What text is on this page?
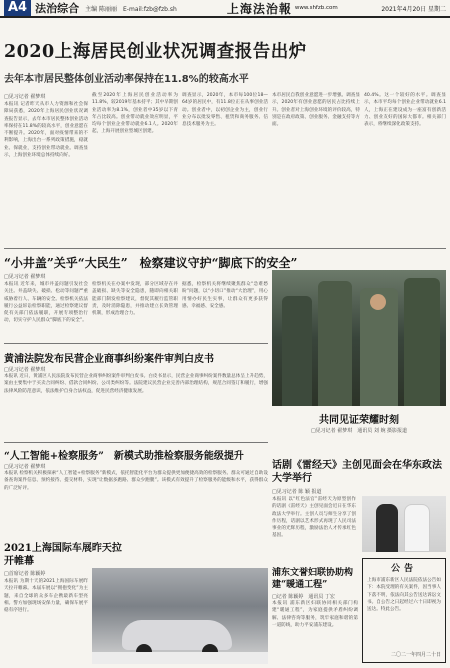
A4 法治综合 主编 陈丽丽　E-mail:fzb@fzb.sh	上海法治報 www.shfzb.com	2021年4月20日 星期二
2020上海居民创业状况调查报告出炉
去年本市居民整体创业活动率保持在11.8%的较高水平
□见习记者 翟梦琪
本报讯 记者昨天从市人力资源和社会保障局获悉，2020年上海居民创业状况调查报告显示，去年本市居民整体创业活动率保持在11.8%的较高水平，创业意愿在不断提升。2020年，面对疫情带来的不利影响，上海出台一系列政策措施，稳就业、保就业，支持创业带动就业。调查显示，上海创业环境总体持续向好。
截至2020年上海居民创业活动率为11.8%，较2019年基本持平；其中早期创业活动率为8.1%，创业者中35岁以下青年占比较高。创业带动就业效应明显，平均每个创业企业带动就业6.1人。2020年起，上海开展创业型城区创建。
调查显示，2020年，本市每100位18—64岁的居民中，有11.8位正在从事创业活动。创业者中，以初创企业为主，创业行业分布以批发零售、租赁和商务服务、信息技术服务为主。
本市居民自我创业意愿进一步增强。调查显示，2020年有创业意愿的居民占比持续上升。创业者对上海创业环境的评价较高，特别是在政府政策、创业服务、金融支持等方面。
40.4%。这一个较好的水平。调查显示，本市平均每个创业企业带动就业6.1人，上海正在建设成为一座富有创新活力、创业友好的国际大都市。相关部门表示，将继续深化政策支持。
“小井盖”关乎“大民生”　检察建议守护“脚底下的安全”
□见习记者 翟梦琪
本报讯 近年来，城市井盖问题引发社会关注。井盖缺失、破损、松动等问题严重威胁着行人、车辆的安全。检察机关依法履行公益诉讼检察职能，通过检察建议督促有关部门依法履职，开展专项整治行动，切实守护人民群众“脚底下的安全”。
检察机关在办案中发现，部分区域存在井盖破损、缺失等安全隐患，随即向相关职能部门制发检察建议，督促其履行监管职责，及时消除隐患，并推动建立长效管理机制，形成治理合力。
据悉，检察机关将继续聚焦群众“急难愁盼”问题，以“小切口”推动“大治理”，用心用情办好民生实事，让群众有更多获得感、幸福感、安全感。
共同见证荣耀时刻
□见习记者 翟梦琪　通讯员 刘 婉 摄影报道
黄浦法院发布民营企业商事纠纷案件审判白皮书
□见习记者 翟梦琪
本报讯 近日，黄浦区人民法院发布民营企业商事纠纷案件审判白皮书。白皮书显示，民营企业商事纠纷案件数量总体呈上升趋势，案由主要集中于买卖合同纠纷、借款合同纠纷、公司类纠纷等。法院建议民营企业完善内部治理结构，规范合同签订和履行，增强法律风险防范意识，依法维护自身合法权益，促进民营经济健康发展。
“人工智能+检察服务”　新模式助推检察服务能级提升
□见习记者 翟梦琪
本报讯 检察机关积极探索“人工智能+检察服务”新模式，依托智能化平台为群众提供更加便捷高效的检察服务。群众可通过自助设备查询案件信息、预约接待、提交材料，实现“让数据多跑路、群众少跑腿”。该模式有效提升了检察服务的能级和水平，获得群众的广泛好评。
话剧《雷经天》主创见面会在华东政法大学举行
□见习记者 陈 颖 报道
本报讯 以“红色法官”雷经天为原型创作的话剧《雷经天》主创见面会近日在华东政法大学举行。主创人员与师生分享了创作历程，话剧以艺术形式再现了人民司法事业的光辉历程，激励法治人才传承红色基因。
2021上海国际车展昨天拉开帷幕
□首席记者 陈颖婷
本报讯 为期十天的2021上海国际车展昨天拉开帷幕。本届车展以“拥抱变化”为主题，来自全球的众多车企携最新车型亮相。警方加强现场安保力量，确保车展平稳有序进行。
浦东文誉妇联协助构建“暖通工程”
□记者 陈颖婷　通讯员 丁宏
本报讯 浦东新区妇联协同相关部门构建“暖通工程”，为家庭提供矛盾纠纷调解、法律咨询等服务，筑牢家庭和谐的第一道防线，助力平安浦东建设。
公告
上海市浦东新区人民法院依法公告如下：本院受理的有关案件，因当事人下落不明，依法向其公告送达诉讼文书。自公告之日起经过六十日即视为送达。特此公告。
二〇二一年四月二十日
